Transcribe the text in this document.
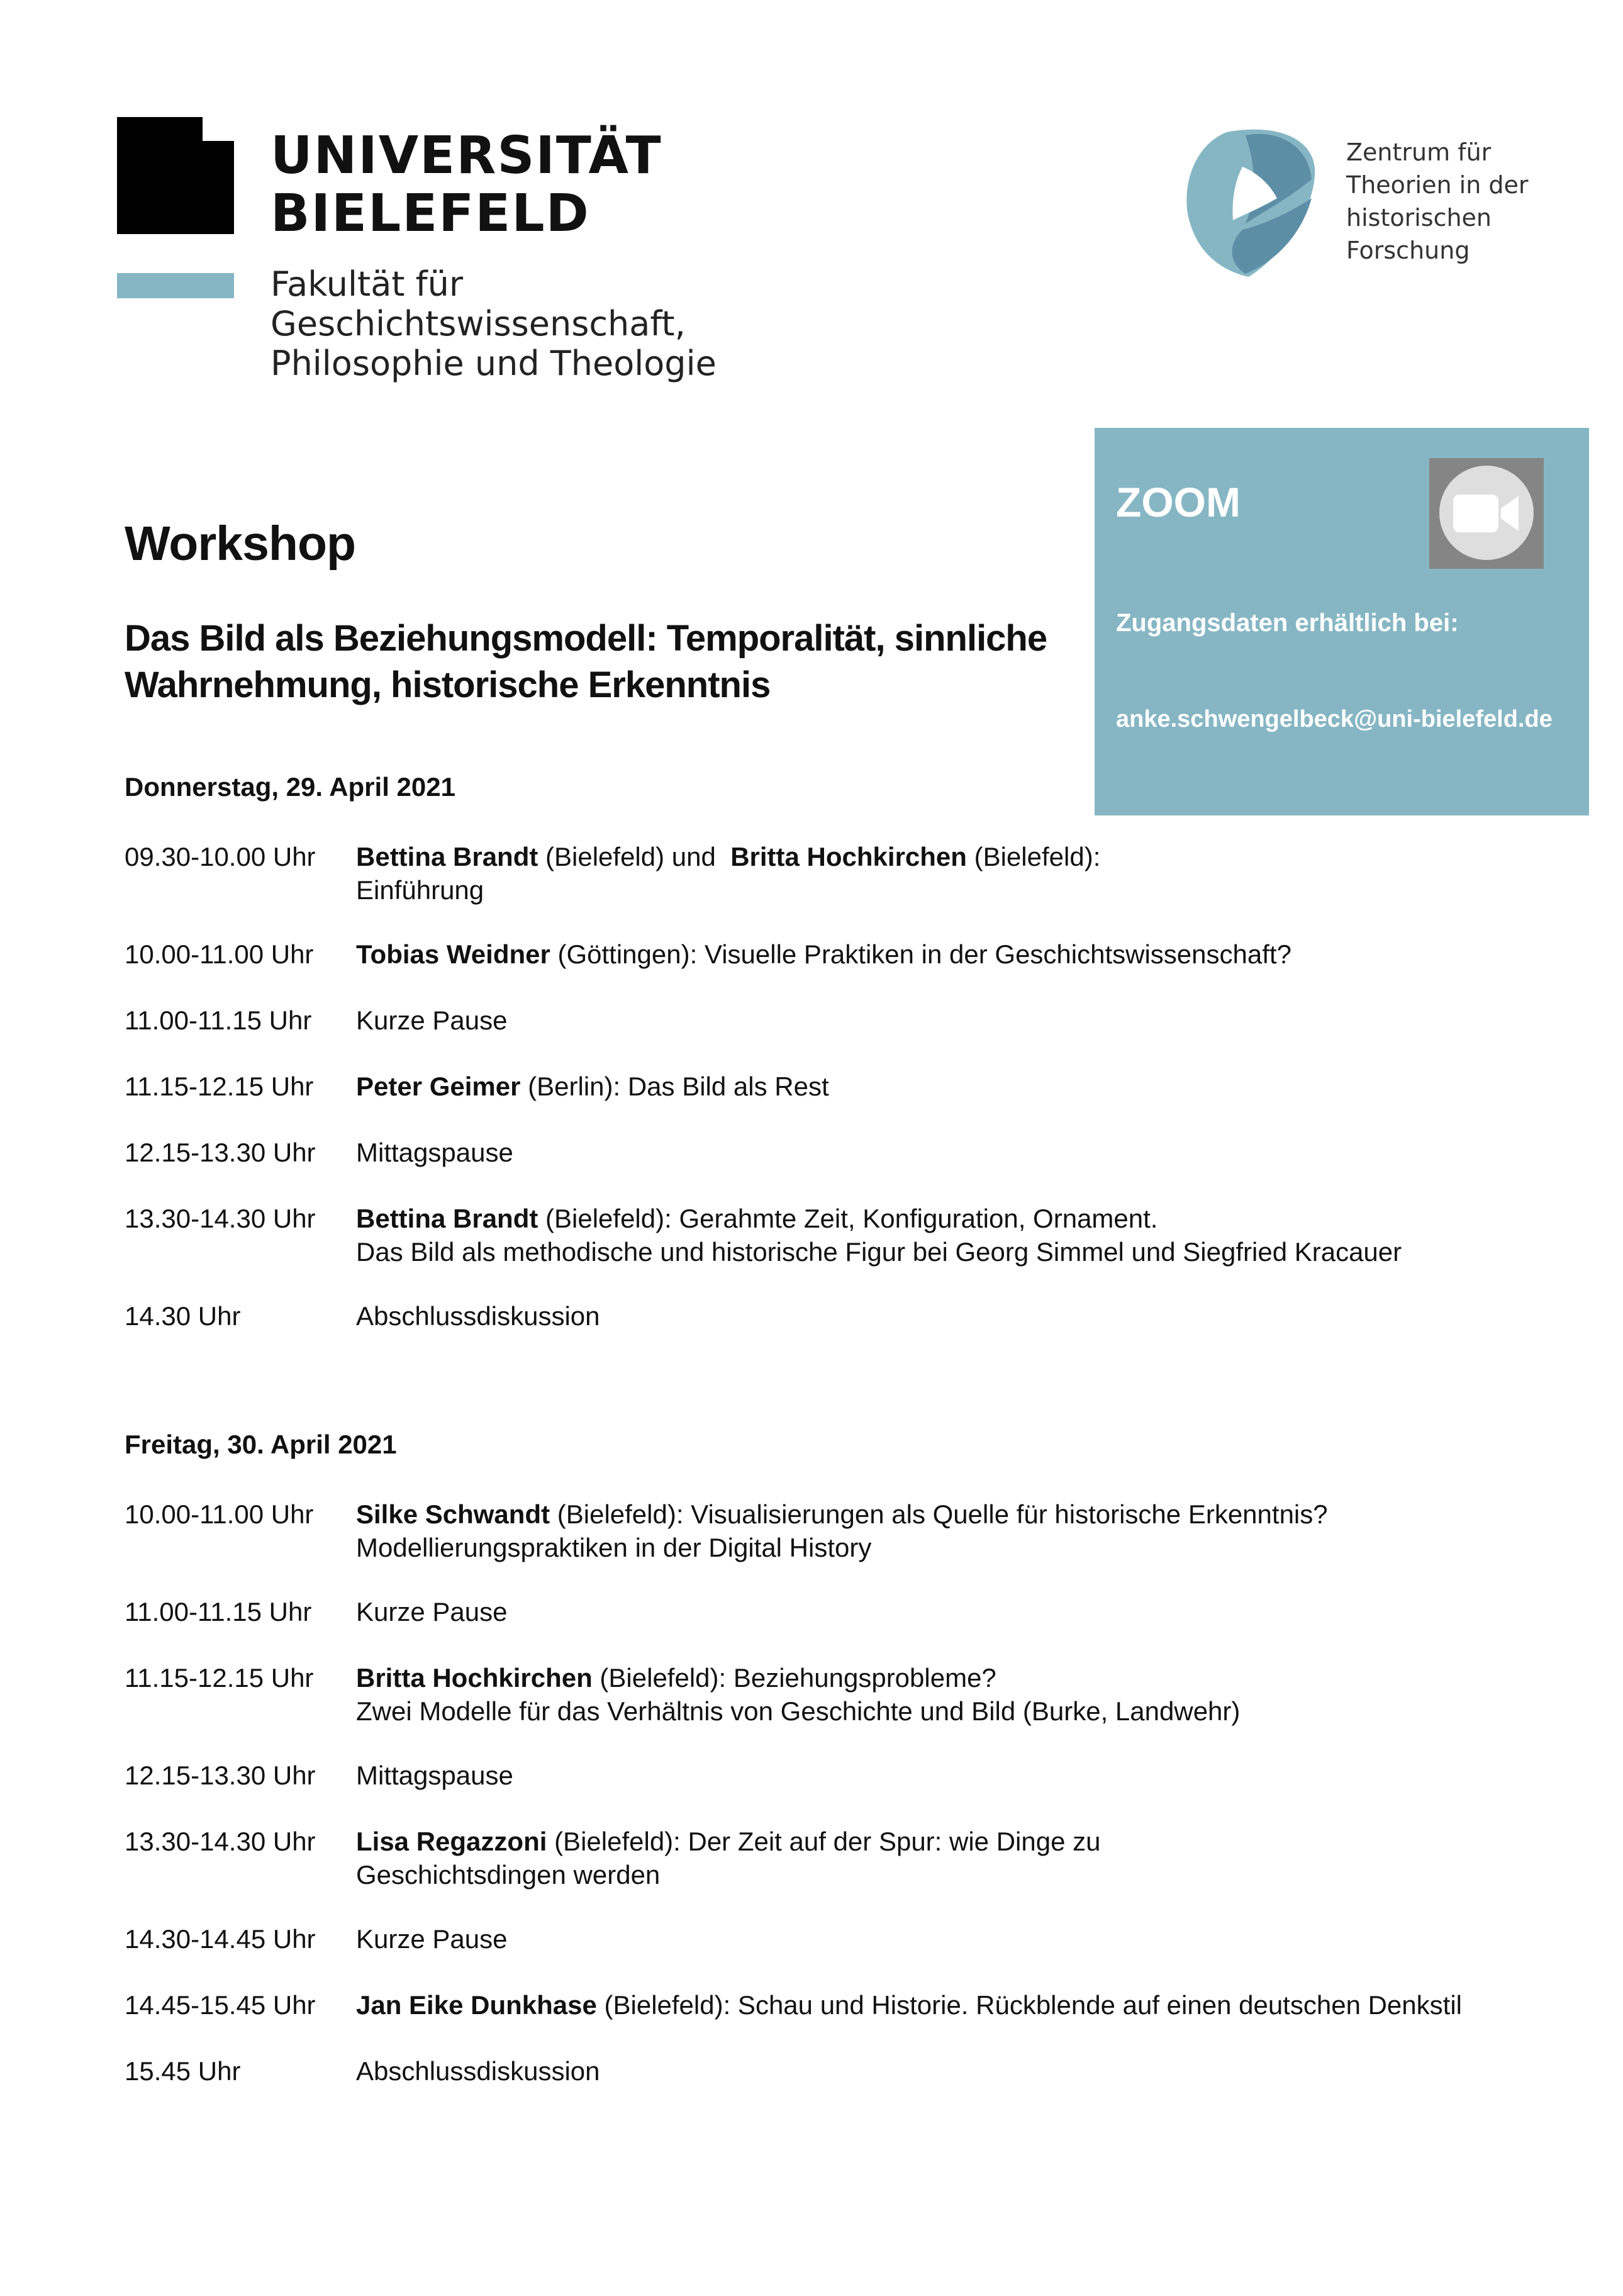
UNIVERSITÄT
BIELEFELD
Fakultät für
Geschichtswissenschaft,
Philosophie und Theologie
Zentrum für
Theorien in der
historischen
Forschung
ZOOM
Zugangsdaten erhältlich bei:
anke.schwengelbeck@uni-bielefeld.de
Workshop
Das Bild als Beziehungsmodell: Temporalität, sinnliche
Wahrnehmung, historische Erkenntnis
Donnerstag, 29. April 2021
09.30-10.00 Uhr Bettina Brandt (Bielefeld) und  Britta Hochkirchen (Bielefeld):
Einführung
10.00-11.00 Uhr Tobias Weidner (Göttingen): Visuelle Praktiken in der Geschichtswissenschaft?
11.00-11.15 Uhr Kurze Pause
11.15-12.15 Uhr Peter Geimer (Berlin): Das Bild als Rest
12.15-13.30 Uhr Mittagspause
13.30-14.30 Uhr Bettina Brandt (Bielefeld): Gerahmte Zeit, Konfiguration, Ornament.
Das Bild als methodische und historische Figur bei Georg Simmel und Siegfried Kracauer
14.30 Uhr	Abschlussdiskussion
Freitag, 30. April 2021
10.00-11.00 Uhr Silke Schwandt (Bielefeld): Visualisierungen als Quelle für historische Erkenntnis?
Modellierungspraktiken in der Digital History
11.00-11.15 Uhr Kurze Pause
11.15-12.15 Uhr Britta Hochkirchen (Bielefeld): Beziehungsprobleme?
Zwei Modelle für das Verhältnis von Geschichte und Bild (Burke, Landwehr)
12.15-13.30 Uhr Mittagspause
13.30-14.30 Uhr Lisa Regazzoni (Bielefeld): Der Zeit auf der Spur: wie Dinge zu
Geschichtsdingen werden
14.30-14.45 Uhr Kurze Pause
14.45-15.45 Uhr Jan Eike Dunkhase (Bielefeld): Schau und Historie. Rückblende auf einen deutschen Denkstil
15.45 Uhr	Abschlussdiskussion
